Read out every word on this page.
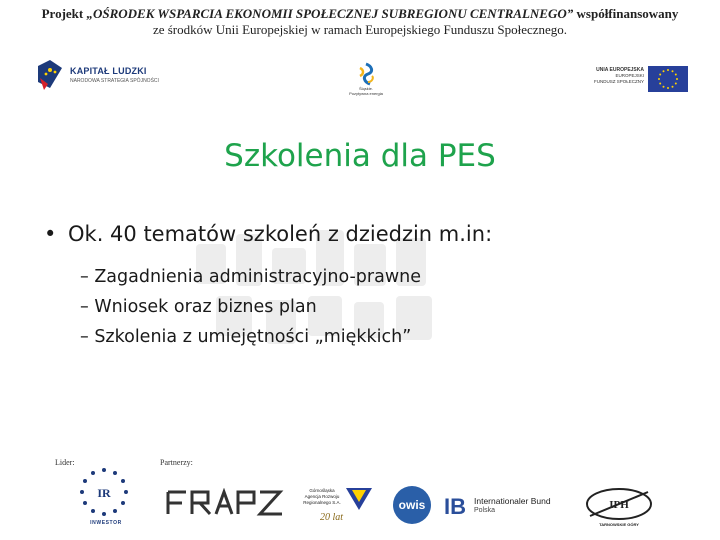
Projekt „OŚRODEK WSPARCIA EKONOMII SPOŁECZNEJ SUBREGIONU CENTRALNEGO” współfinansowany
ze środków Unii Europejskiej w ramach Europejskiego Funduszu Społecznego.
KAPITAŁ LUDZKI
NARODOWA STRATEGIA SPÓJNOŚCI
Śląskie.
Pozytywna energia
UNIA EUROPEJSKA
EUROPEJSKI
FUNDUSZ SPOŁECZNY
Szkolenia dla PES
• Ok. 40 tematów szkoleń z dziedzin m.in:
– Zagadnienia administracyjno-prawne
– Wniosek oraz biznes plan
– Szkolenia z umiejętności „miękkich”
Lider:	Partnerzy:
IR
INWESTOR
Górnośląska
Agencja Rozwoju
Regionalnego S.A.
20 lat
owis IB Internationaler Bund
Polska	IPH
TARNOWSKIE GÓRY
